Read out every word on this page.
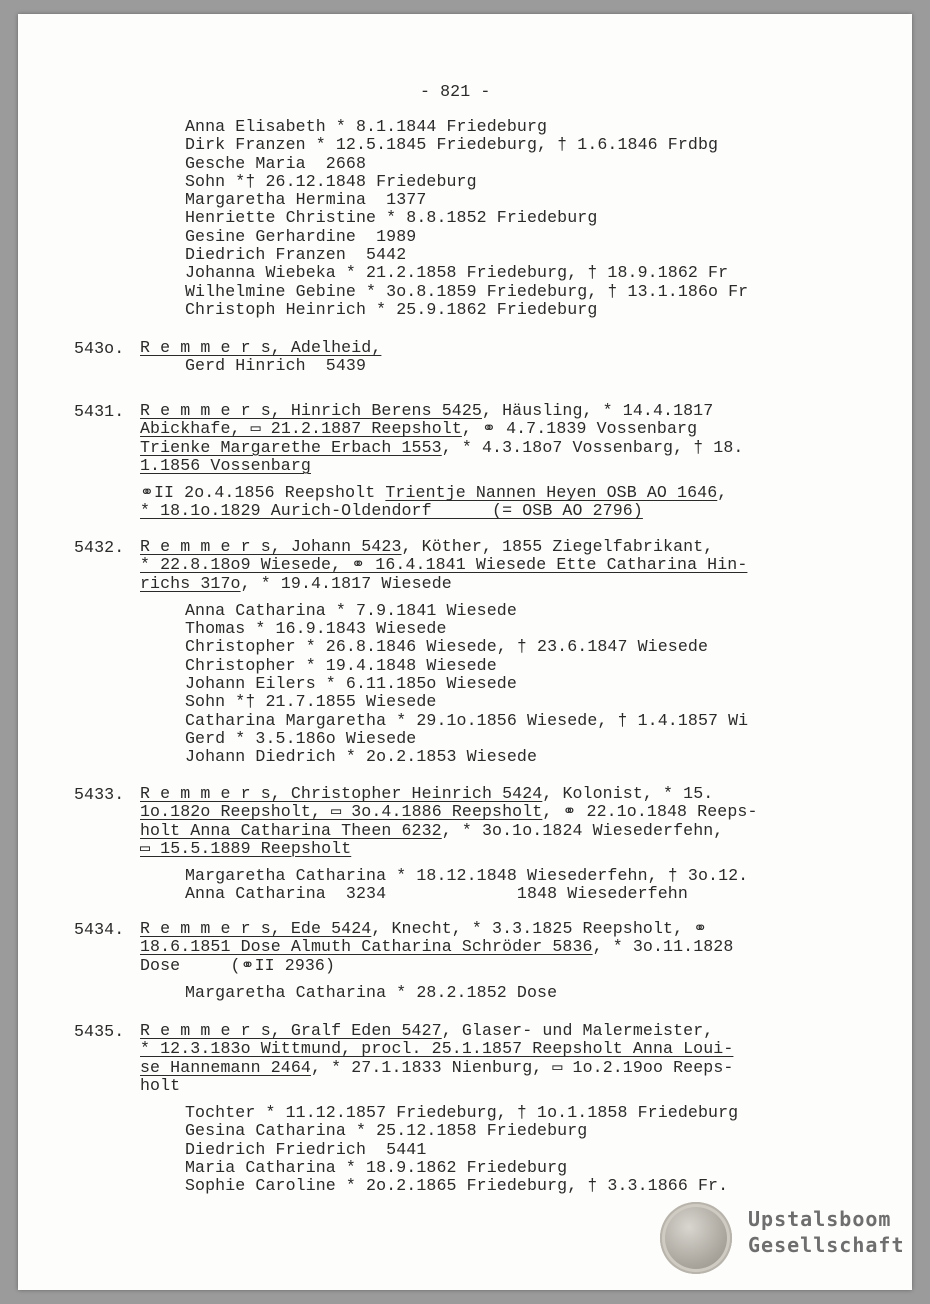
- 821 -

Anna Elisabeth * 8.1.1844 Friedeburg
Dirk Franzen * 12.5.1845 Friedeburg, † 1.6.1846 Frdbg
Gesche Maria  2668
Sohn *† 26.12.1848 Friedeburg
Margaretha Hermina  1377
Henriette Christine * 8.8.1852 Friedeburg
Gesine Gerhardine  1989
Diedrich Franzen  5442
Johanna Wiebeka * 21.2.1858 Friedeburg, † 18.9.1862 Fr
Wilhelmine Gebine * 3o.8.1859 Friedeburg, † 13.1.186o Fr
Christoph Heinrich * 25.9.1862 Friedeburg
543o. R e m m e r s, Adelheid,
Gerd Hinrich  5439
5431. R e m m e r s, Hinrich Berens 5425, Häusling, * 14.4.1817
Abickhafe, ▭ 21.2.1887 Reepsholt, ⚭ 4.7.1839 Vossenbarg
Trienke Margarethe Erbach 1553, * 4.3.18o7 Vossenbarg, † 18.
1.1856 Vossenbarg
⚭II 2o.4.1856 Reepsholt Trientje Nannen Heyen OSB AO 1646,
* 18.1o.1829 Aurich-Oldendorf      (= OSB AO 2796)
5432. R e m m e r s, Johann 5423, Köther, 1855 Ziegelfabrikant,
* 22.8.18o9 Wiesede, ⚭ 16.4.1841 Wiesede Ette Catharina Hin-
richs 317o, * 19.4.1817 Wiesede
Anna Catharina * 7.9.1841 Wiesede
Thomas * 16.9.1843 Wiesede
Christopher * 26.8.1846 Wiesede, † 23.6.1847 Wiesede
Christopher * 19.4.1848 Wiesede
Johann Eilers * 6.11.185o Wiesede
Sohn *† 21.7.1855 Wiesede
Catharina Margaretha * 29.1o.1856 Wiesede, † 1.4.1857 Wi
Gerd * 3.5.186o Wiesede
Johann Diedrich * 2o.2.1853 Wiesede
5433. R e m m e r s, Christopher Heinrich 5424, Kolonist, * 15.
1o.182o Reepsholt, ▭ 3o.4.1886 Reepsholt, ⚭ 22.1o.1848 Reeps-
holt Anna Catharina Theen 6232, * 3o.1o.1824 Wiesederfehn,
▭ 15.5.1889 Reepsholt
Margaretha Catharina * 18.12.1848 Wiesederfehn, † 3o.12.
Anna Catharina  3234             1848 Wiesederfehn
5434. R e m m e r s, Ede 5424, Knecht, * 3.3.1825 Reepsholt, ⚭
18.6.1851 Dose Almuth Catharina Schröder 5836, * 3o.11.1828
Dose     (⚭II 2936)
Margaretha Catharina * 28.2.1852 Dose
5435. R e m m e r s, Gralf Eden 5427, Glaser- und Malermeister,
* 12.3.183o Wittmund, procl. 25.1.1857 Reepsholt Anna Loui-
se Hannemann 2464, * 27.1.1833 Nienburg, ▭ 1o.2.19oo Reeps-
holt
Tochter * 11.12.1857 Friedeburg, † 1o.1.1858 Friedeburg
Gesina Catharina * 25.12.1858 Friedeburg
Diedrich Friedrich  5441
Maria Catharina * 18.9.1862 Friedeburg
Sophie Caroline * 2o.2.1865 Friedeburg, † 3.3.1866 Fr.
Upstalsboom
Gesellschaft
